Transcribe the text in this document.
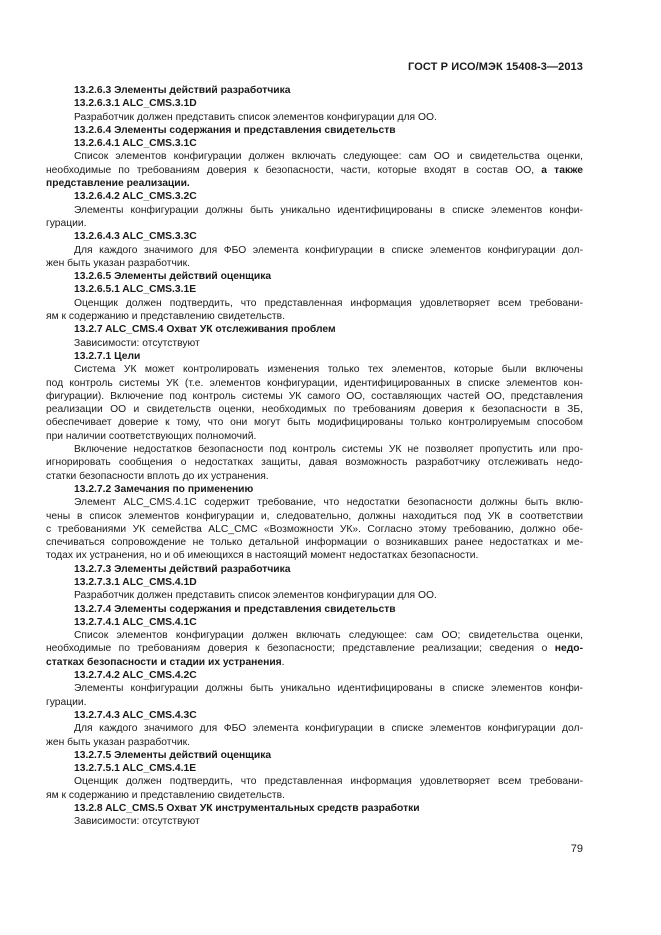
ГОСТ Р ИСО/МЭК 15408-3—2013
13.2.6.3 Элементы действий разработчика
13.2.6.3.1 ALC_CMS.3.1D
Разработчик должен представить список элементов конфигурации для ОО.
13.2.6.4 Элементы содержания и представления свидетельств
13.2.6.4.1 ALC_CMS.3.1C
Список элементов конфигурации должен включать следующее: сам ОО и свидетельства оценки,
необходимые по требованиям доверия к безопасности, части, которые входят в состав ОО, а также
представление реализации.
13.2.6.4.2 ALC_CMS.3.2C
Элементы конфигурации должны быть уникально идентифицированы в списке элементов конфи-
гурации.
13.2.6.4.3 ALC_CMS.3.3C
Для каждого значимого для ФБО элемента конфигурации в списке элементов конфигурации дол-
жен быть указан разработчик.
13.2.6.5 Элементы действий оценщика
13.2.6.5.1 ALC_CMS.3.1E
Оценщик должен подтвердить, что представленная информация удовлетворяет всем требовани-
ям к содержанию и представлению свидетельств.
13.2.7 ALC_CMS.4 Охват УК отслеживания проблем
Зависимости: отсутствуют
13.2.7.1 Цели
Система УК может контролировать изменения только тех элементов, которые были включены
под контроль системы УК (т.е. элементов конфигурации, идентифицированных в списке элементов кон-
фигурации). Включение под контроль системы УК самого ОО, составляющих частей ОО, представления
реализации ОО и свидетельств оценки, необходимых по требованиям доверия к безопасности в ЗБ,
обеспечивает доверие к тому, что они могут быть модифицированы только контролируемым способом
при наличии соответствующих полномочий.
Включение недостатков безопасности под контроль системы УК не позволяет пропустить или про-
игнорировать сообщения о недостатках защиты, давая возможность разработчику отслеживать недо-
статки безопасности вплоть до их устранения.
13.2.7.2 Замечания по применению
Элемент ALC_CMS.4.1C содержит требование, что недостатки безопасности должны быть вклю-
чены в список элементов конфигурации и, следовательно, должны находиться под УК в соответствии
с требованиями УК семейства ALC_CMC «Возможности УК». Согласно этому требованию, должно обе-
спечиваться сопровождение не только детальной информации о возникавших ранее недостатках и ме-
тодах их устранения, но и об имеющихся в настоящий момент недостатках безопасности.
13.2.7.3 Элементы действий разработчика
13.2.7.3.1 ALC_CMS.4.1D
Разработчик должен представить список элементов конфигурации для ОО.
13.2.7.4 Элементы содержания и представления свидетельств
13.2.7.4.1 ALC_CMS.4.1C
Список элементов конфигурации должен включать следующее: сам ОО; свидетельства оценки,
необходимые по требованиям доверия к безопасности; представление реализации; сведения о недо-
статках безопасности и стадии их устранения.
13.2.7.4.2 ALC_CMS.4.2C
Элементы конфигурации должны быть уникально идентифицированы в списке элементов конфи-
гурации.
13.2.7.4.3 ALC_CMS.4.3C
Для каждого значимого для ФБО элемента конфигурации в списке элементов конфигурации дол-
жен быть указан разработчик.
13.2.7.5 Элементы действий оценщика
13.2.7.5.1 ALC_CMS.4.1E
Оценщик должен подтвердить, что представленная информация удовлетворяет всем требовани-
ям к содержанию и представлению свидетельств.
13.2.8 ALC_CMS.5 Охват УК инструментальных средств разработки
Зависимости: отсутствуют
79
